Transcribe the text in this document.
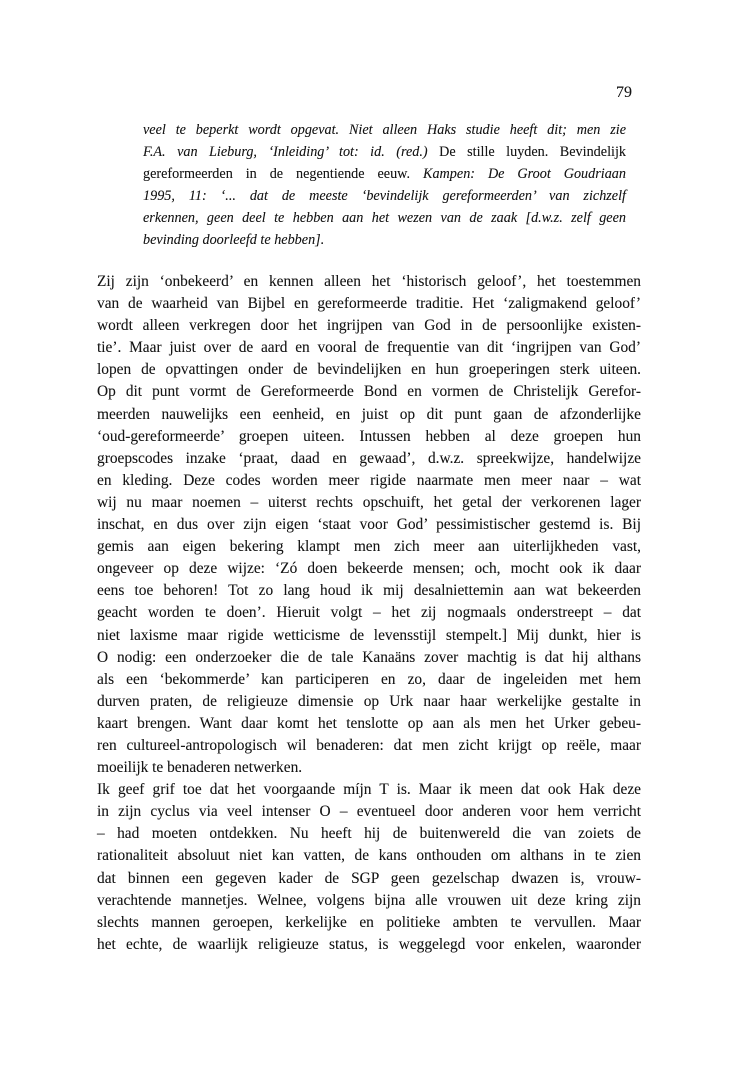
79
veel te beperkt wordt opgevat. Niet alleen Haks studie heeft dit; men zie
F.A. van Lieburg, ‘Inleiding’ tot: id. (red.) De stille luyden. Bevindelijk
gereformeerden in de negentiende eeuw. Kampen: De Groot Goudriaan
1995, 11: ‘... dat de meeste ‘bevindelijk gereformeerden’ van zichzelf
erkennen, geen deel te hebben aan het wezen van de zaak [d.w.z. zelf geen
bevinding doorleefd te hebben].
Zij zijn ‘onbekeerd’ en kennen alleen het ‘historisch geloof’, het toestemmen
van de waarheid van Bijbel en gereformeerde traditie. Het ‘zaligmakend geloof’
wordt alleen verkregen door het ingrijpen van God in de persoonlijke existen-
tie’. Maar juist over de aard en vooral de frequentie van dit ‘ingrijpen van God’
lopen de opvattingen onder de bevindelijken en hun groeperingen sterk uiteen.
Op dit punt vormt de Gereformeerde Bond en vormen de Christelijk Gerefor-
meerden nauwelijks een eenheid, en juist op dit punt gaan de afzonderlijke
‘oud-gereformeerde’ groepen uiteen. Intussen hebben al deze groepen hun
groepscodes inzake ‘praat, daad en gewaad’, d.w.z. spreekwijze, handelwijze
en kleding. Deze codes worden meer rigide naarmate men meer naar – wat
wij nu maar noemen – uiterst rechts opschuift, het getal der verkorenen lager
inschat, en dus over zijn eigen ‘staat voor God’ pessimistischer gestemd is. Bij
gemis aan eigen bekering klampt men zich meer aan uiterlijkheden vast,
ongeveer op deze wijze: ‘Zó doen bekeerde mensen; och, mocht ook ik daar
eens toe behoren! Tot zo lang houd ik mij desalniettemin aan wat bekeerden
geacht worden te doen’. Hieruit volgt – het zij nogmaals onderstreept – dat
niet laxisme maar rigide wetticisme de levensstijl stempelt.] Mij dunkt, hier is
O nodig: een onderzoeker die de tale Kanaäns zover machtig is dat hij althans
als een ‘bekommerde’ kan participeren en zo, daar de ingeleiden met hem
durven praten, de religieuze dimensie op Urk naar haar werkelijke gestalte in
kaart brengen. Want daar komt het tenslotte op aan als men het Urker gebeu-
ren cultureel-antropologisch wil benaderen: dat men zicht krijgt op reële, maar
moeilijk te benaderen netwerken.
Ik geef grif toe dat het voorgaande míjn T is. Maar ik meen dat ook Hak deze
in zijn cyclus via veel intenser O – eventueel door anderen voor hem verricht
– had moeten ontdekken. Nu heeft hij de buitenwereld die van zoiets de
rationaliteit absoluut niet kan vatten, de kans onthouden om althans in te zien
dat binnen een gegeven kader de SGP geen gezelschap dwazen is, vrouw-
verachtende mannetjes. Welnee, volgens bijna alle vrouwen uit deze kring zijn
slechts mannen geroepen, kerkelijke en politieke ambten te vervullen. Maar
het echte, de waarlijk religieuze status, is weggelegd voor enkelen, waaronder
